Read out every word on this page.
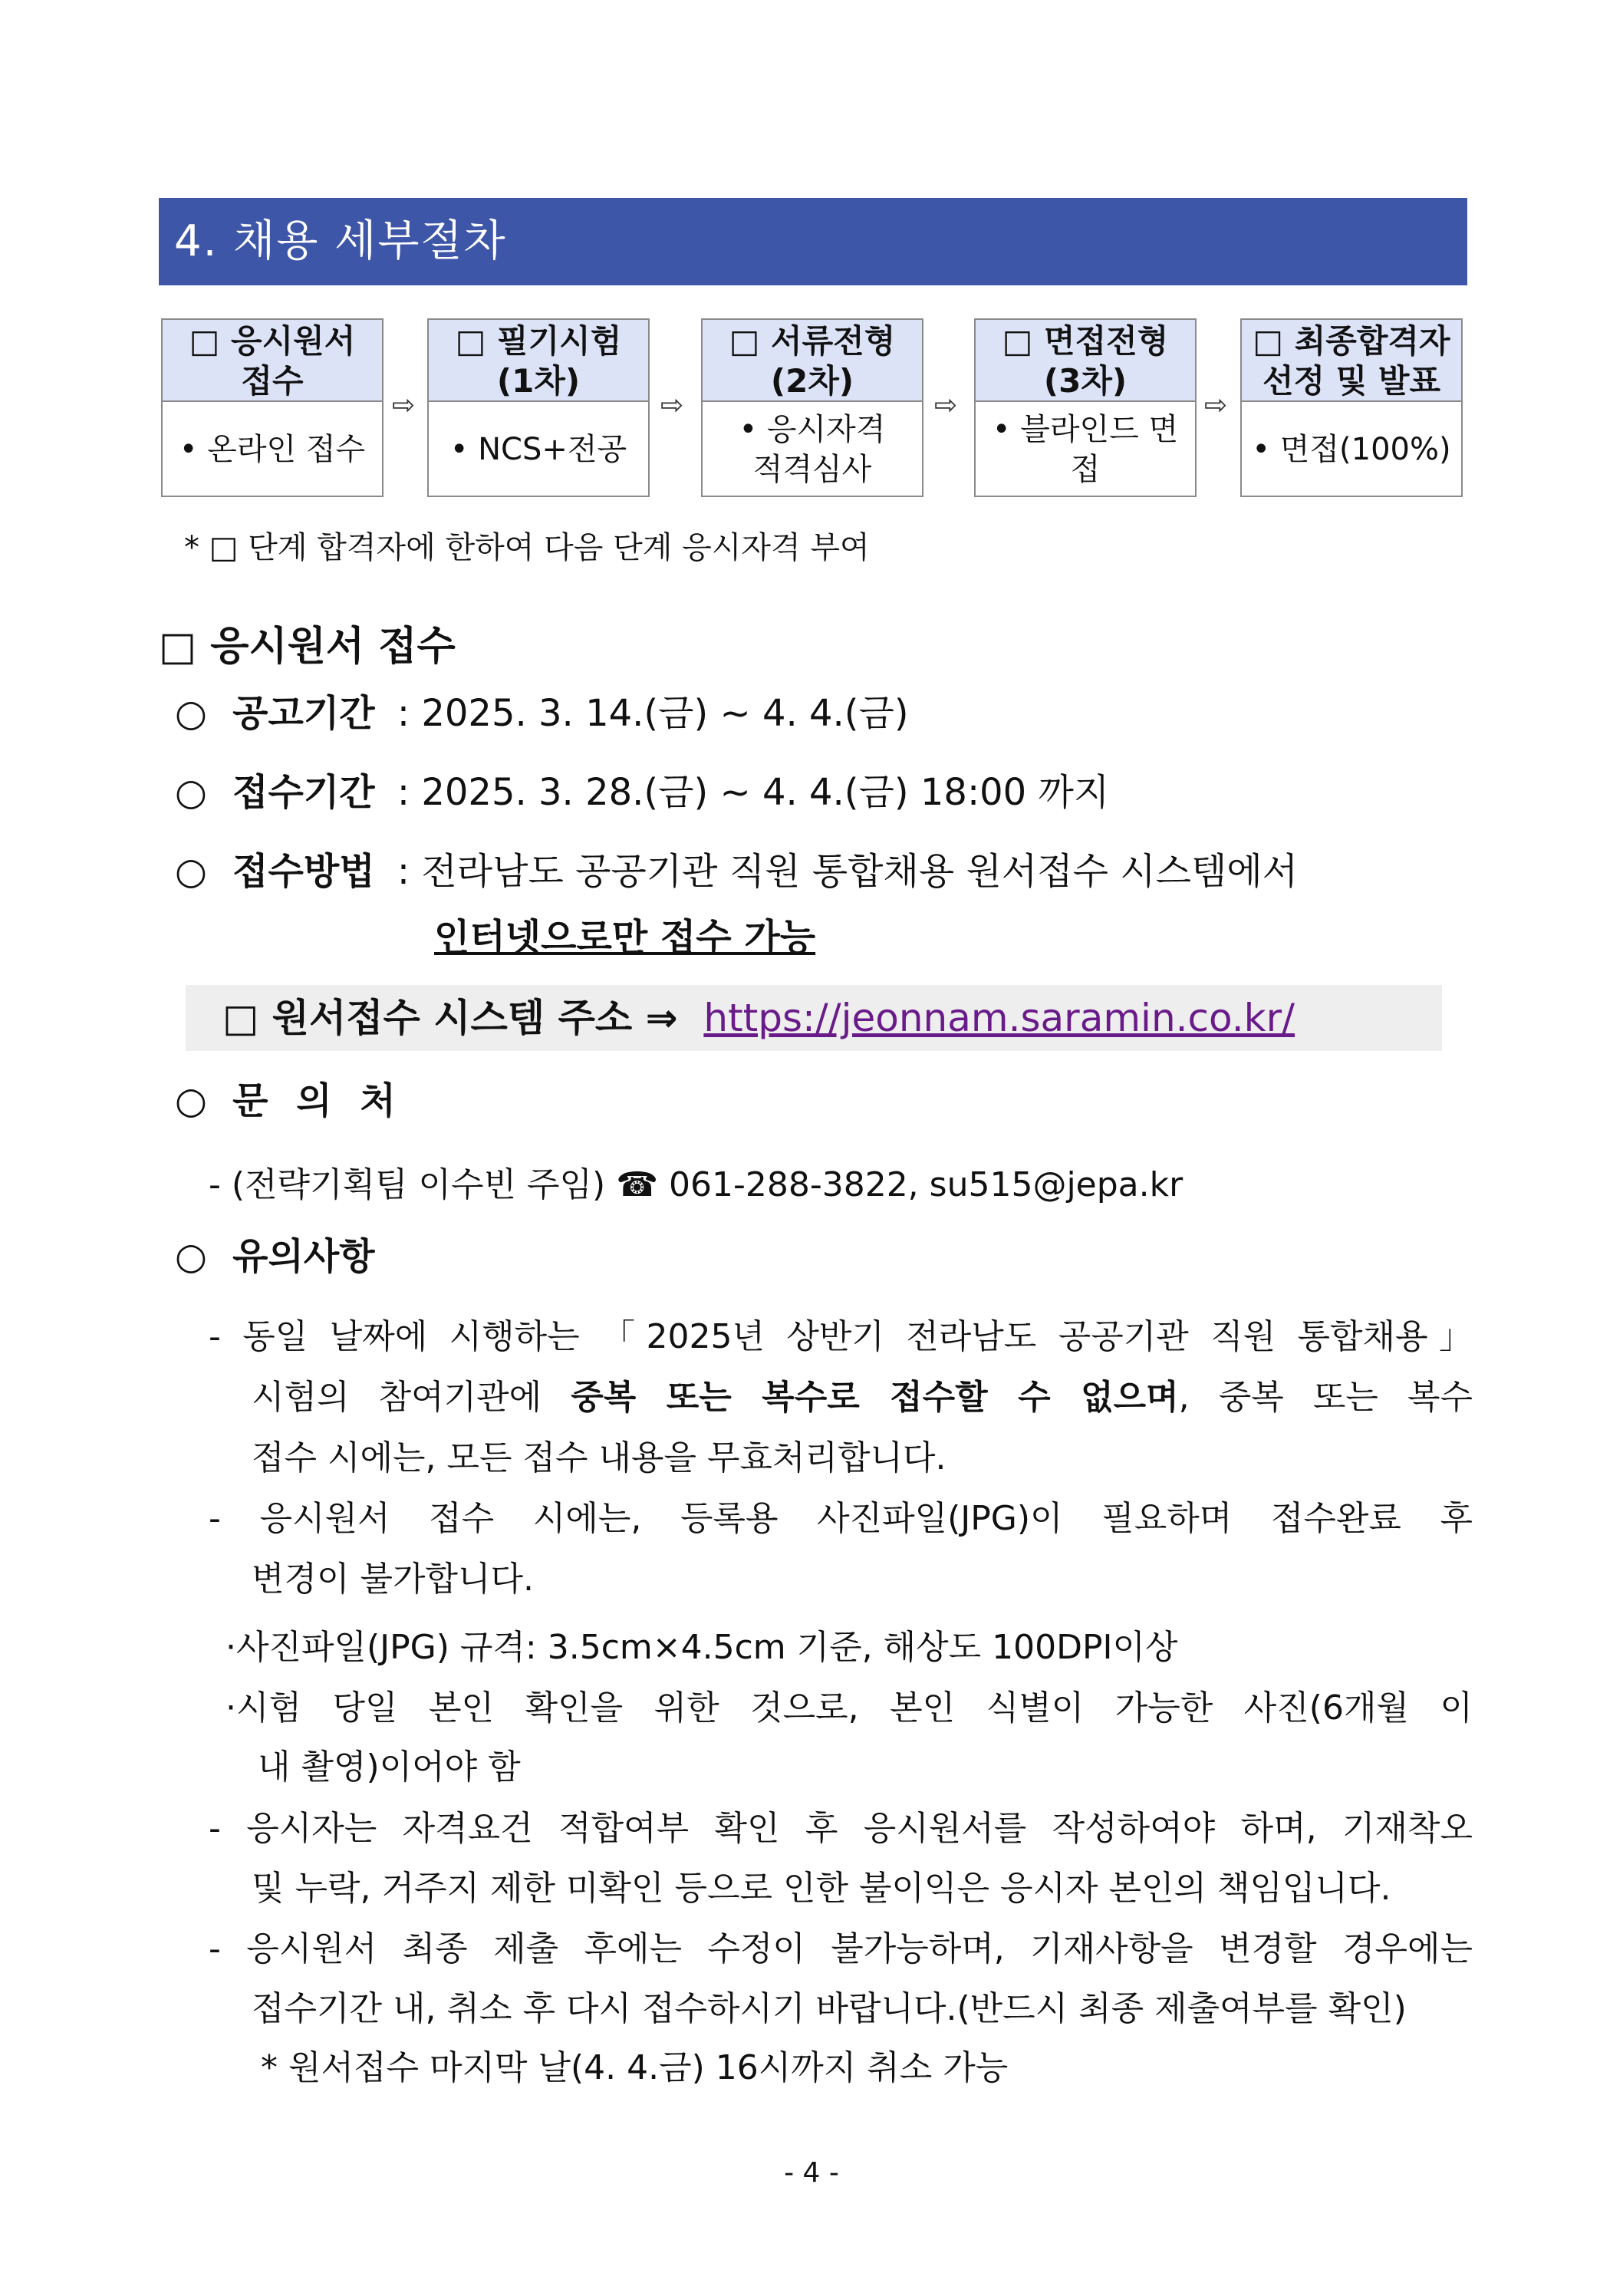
4. 채용 세부절차
□ 응시원서
접수
• 온라인 접수
⇨
□ 필기시험
(1차)
• NCS+전공
⇨
□ 서류전형
(2차)
• 응시자격
적격심사
⇨
□ 면접전형
(3차)
• 블라인드 면접
⇨
□ 최종합격자
선정 및 발표
• 면접(100%)
* □ 단계 합격자에 한하여 다음 단계 응시자격 부여
□ 응시원서 접수
○ 공고기간 : 2025. 3. 14.(금) ~ 4. 4.(금)
○ 접수기간 : 2025. 3. 28.(금) ~ 4. 4.(금) 18:00 까지
○ 접수방법 : 전라남도 공공기관 직원 통합채용 원서접수 시스템에서
인터넷으로만 접수 가능
□ 원서접수 시스템 주소 ⇒ https://jeonnam.saramin.co.kr/
○ 문 의 처
- (전략기획팀 이수빈 주임) ☎ 061-288-3822, su515@jepa.kr
○ 유의사항
- 동일 날짜에 시행하는 「2025년 상반기 전라남도 공공기관 직원 통합채용」
시험의 참여기관에 중복 또는 복수로 접수할 수 없으며, 중복 또는 복수
접수 시에는, 모든 접수 내용을 무효처리합니다.
- 응시원서 접수 시에는, 등록용 사진파일(JPG)이 필요하며 접수완료 후
변경이 불가합니다.
·사진파일(JPG) 규격: 3.5cm×4.5cm 기준, 해상도 100DPI이상
·시험 당일 본인 확인을 위한 것으로, 본인 식별이 가능한 사진(6개월 이
내 촬영)이어야 함
- 응시자는 자격요건 적합여부 확인 후 응시원서를 작성하여야 하며, 기재착오
및 누락, 거주지 제한 미확인 등으로 인한 불이익은 응시자 본인의 책임입니다.
- 응시원서 최종 제출 후에는 수정이 불가능하며, 기재사항을 변경할 경우에는
접수기간 내, 취소 후 다시 접수하시기 바랍니다.(반드시 최종 제출여부를 확인)
* 원서접수 마지막 날(4. 4.금) 16시까지 취소 가능
- 4 -
